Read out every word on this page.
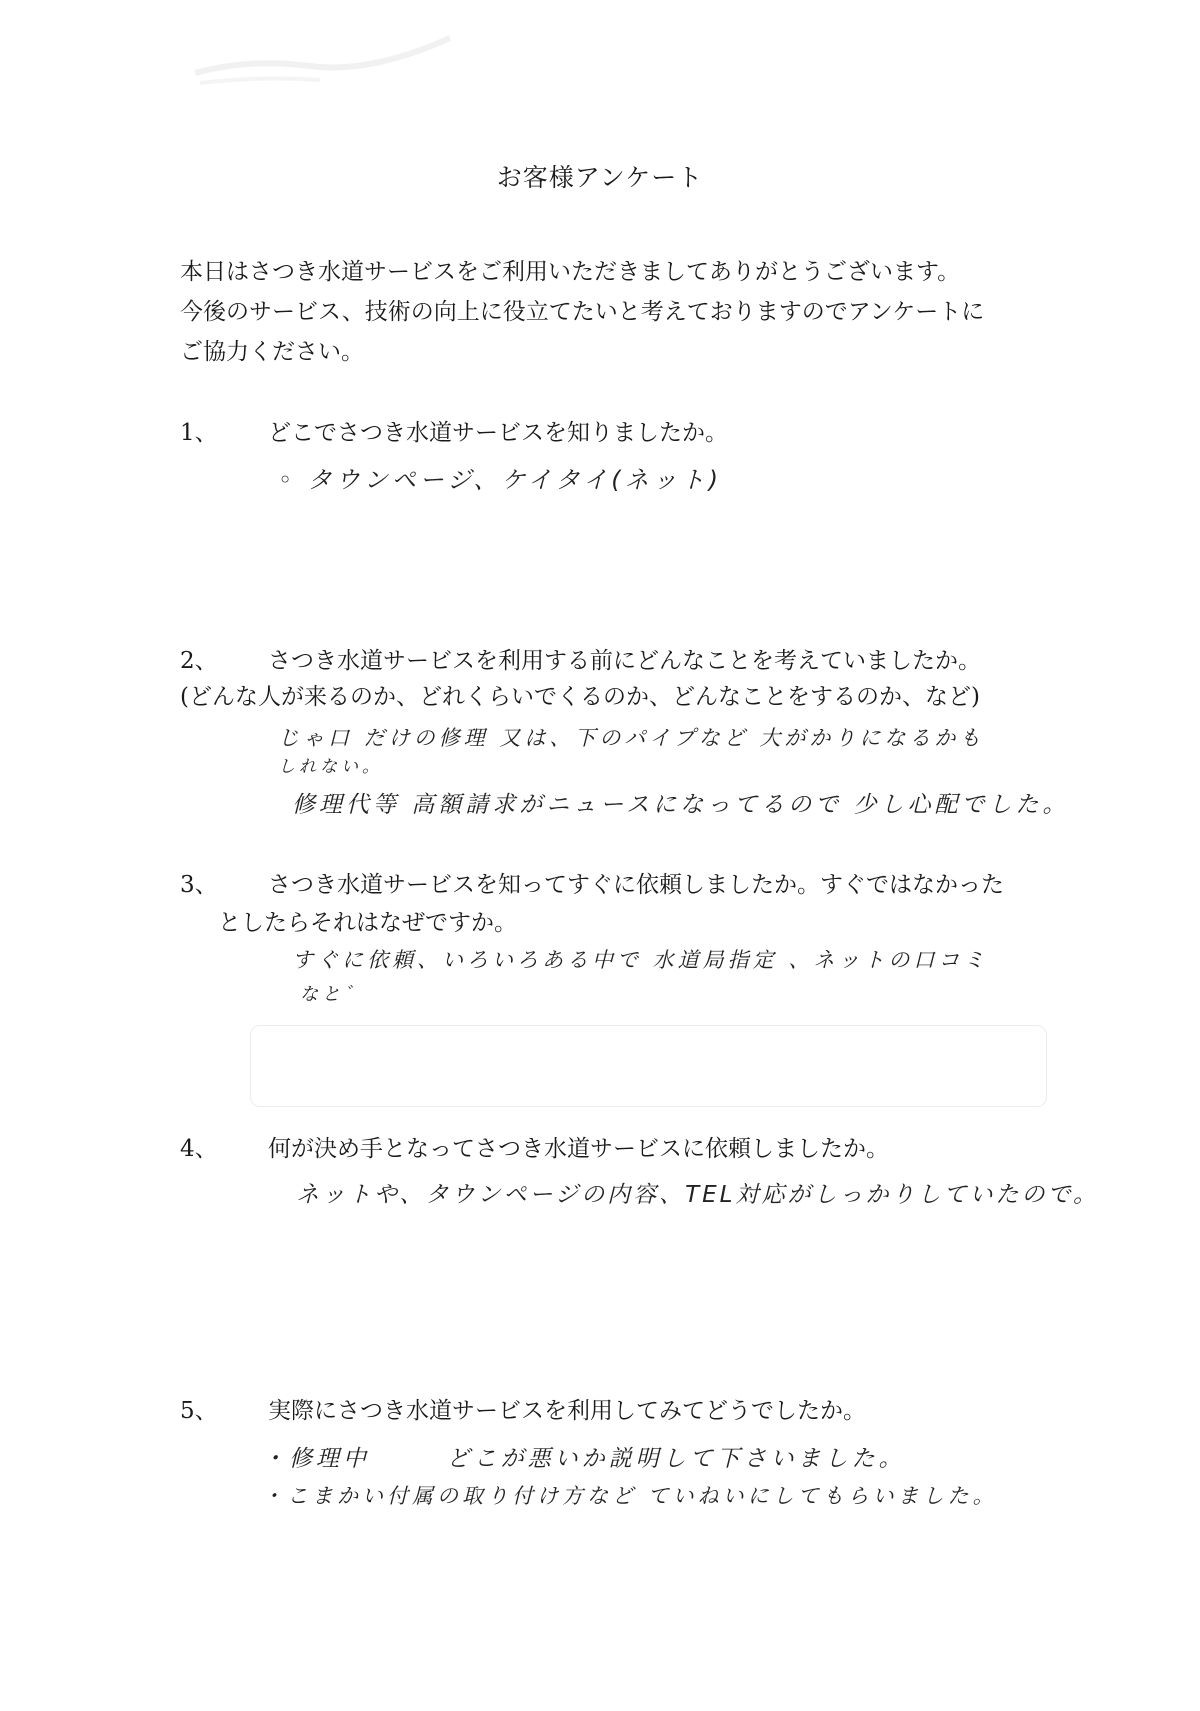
お客様アンケート
本日はさつき水道サービスをご利用いただきましてありがとうございます。
今後のサービス、技術の向上に役立てたいと考えておりますのでアンケートに
ご協力ください。
1、 どこでさつき水道サービスを知りましたか。
◦ タウンページ、ケイタイ(ネット)
2、 さつき水道サービスを利用する前にどんなことを考えていましたか。
(どんな人が来るのか、どれくらいでくるのか、どんなことをするのか、など)
じゃ口 だけの修理 又は、下のパイプなど 大がかりになるかも
しれない。
修理代等 高額請求がニュースになってるので 少し心配でした。
3、 さつき水道サービスを知ってすぐに依頼しましたか。すぐではなかった
としたらそれはなぜですか。
すぐに依頼、いろいろある中で 水道局指定 、ネットの口コミ
なと゛
4、 何が決め手となってさつき水道サービスに依頼しましたか。
ネットや、タウンページの内容、TEL対応がしっかりしていたので。
5、 実際にさつき水道サービスを利用してみてどうでしたか。
・修理中 　　 どこが悪いか説明して下さいました。
・こまかい付属の取り付け方など ていねいにしてもらいました。
